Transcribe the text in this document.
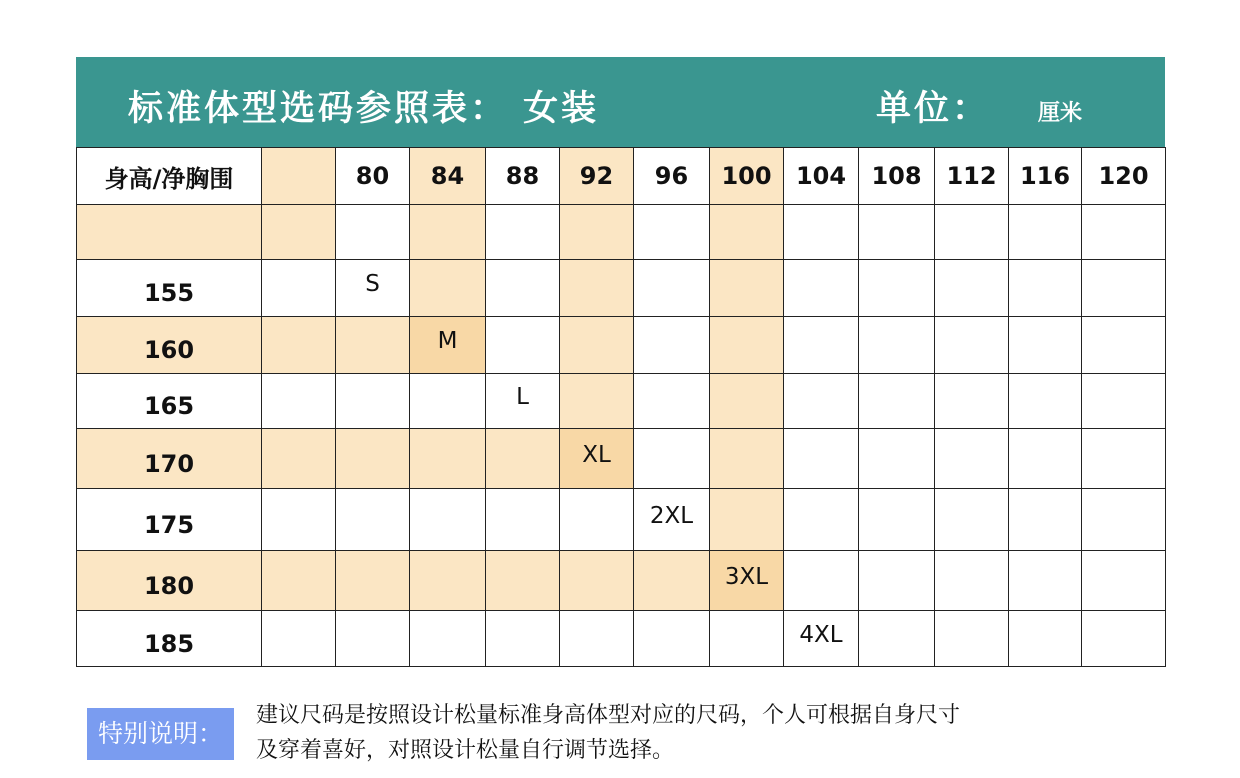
标准体型选码参照表： 女装	单位： 厘米
身高/净胸围		80	84	88	92	96	100	104	108	112	116	120

155		S										
160			M									
165				L								
170					XL							
175						2XL						
180							3XL					
185								4XL				
特别说明：
建议尺码是按照设计松量标准身高体型对应的尺码，个人可根据自身尺寸
及穿着喜好，对照设计松量自行调节选择。
